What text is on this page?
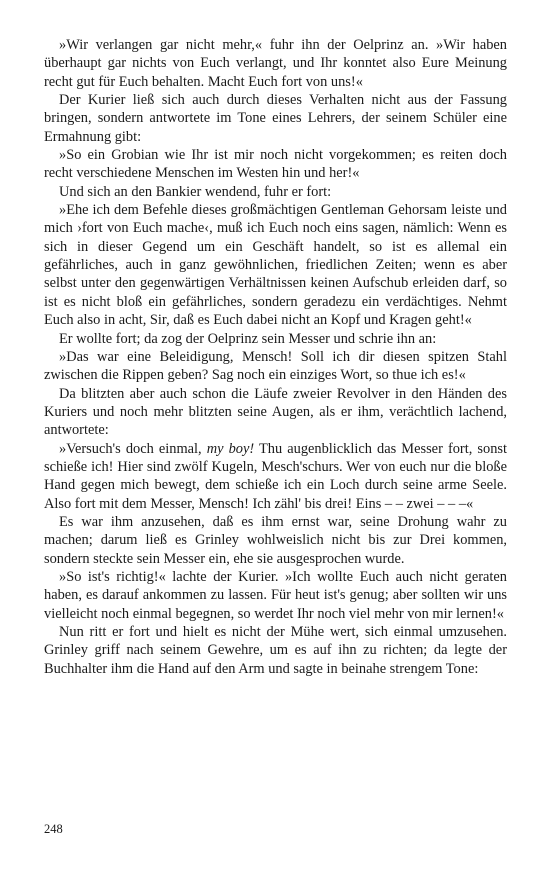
»Wir verlangen gar nicht mehr,« fuhr ihn der Oelprinz an. »Wir haben überhaupt gar nichts von Euch verlangt, und Ihr konntet also Eure Meinung recht gut für Euch behalten. Macht Euch fort von uns!«

Der Kurier ließ sich auch durch dieses Verhalten nicht aus der Fassung bringen, sondern antwortete im Tone eines Lehrers, der seinem Schüler eine Ermahnung gibt:

»So ein Grobian wie Ihr ist mir noch nicht vorgekommen; es reiten doch recht verschiedene Menschen im Westen hin und her!«

Und sich an den Bankier wendend, fuhr er fort:

»Ehe ich dem Befehle dieses großmächtigen Gentleman Gehorsam leiste und mich ›fort von Euch mache‹, muß ich Euch noch eins sagen, nämlich: Wenn es sich in dieser Gegend um ein Geschäft handelt, so ist es allemal ein gefährliches, auch in ganz gewöhnlichen, friedlichen Zeiten; wenn es aber selbst unter den gegenwärtigen Verhältnissen keinen Aufschub erleiden darf, so ist es nicht bloß ein gefährliches, sondern geradezu ein verdächtiges. Nehmt Euch also in acht, Sir, daß es Euch dabei nicht an Kopf und Kragen geht!«

Er wollte fort; da zog der Oelprinz sein Messer und schrie ihn an:

»Das war eine Beleidigung, Mensch! Soll ich dir diesen spitzen Stahl zwischen die Rippen geben? Sag noch ein einziges Wort, so thue ich es!«

Da blitzten aber auch schon die Läufe zweier Revolver in den Händen des Kuriers und noch mehr blitzten seine Augen, als er ihm, verächtlich lachend, antwortete:

»Versuch's doch einmal, my boy! Thu augenblicklich das Messer fort, sonst schieße ich! Hier sind zwölf Kugeln, Mesch'schurs. Wer von euch nur die bloße Hand gegen mich bewegt, dem schieße ich ein Loch durch seine arme Seele. Also fort mit dem Messer, Mensch! Ich zähl' bis drei! Eins – – zwei – – –«

Es war ihm anzusehen, daß es ihm ernst war, seine Drohung wahr zu machen; darum ließ es Grinley wohlweislich nicht bis zur Drei kommen, sondern steckte sein Messer ein, ehe sie ausgesprochen wurde.

»So ist's richtig!« lachte der Kurier. »Ich wollte Euch auch nicht geraten haben, es darauf ankommen zu lassen. Für heut ist's genug; aber sollten wir uns vielleicht noch einmal begegnen, so werdet Ihr noch viel mehr von mir lernen!«

Nun ritt er fort und hielt es nicht der Mühe wert, sich einmal umzusehen. Grinley griff nach seinem Gewehre, um es auf ihn zu richten; da legte der Buchhalter ihm die Hand auf den Arm und sagte in beinahe strengem Tone:

248
